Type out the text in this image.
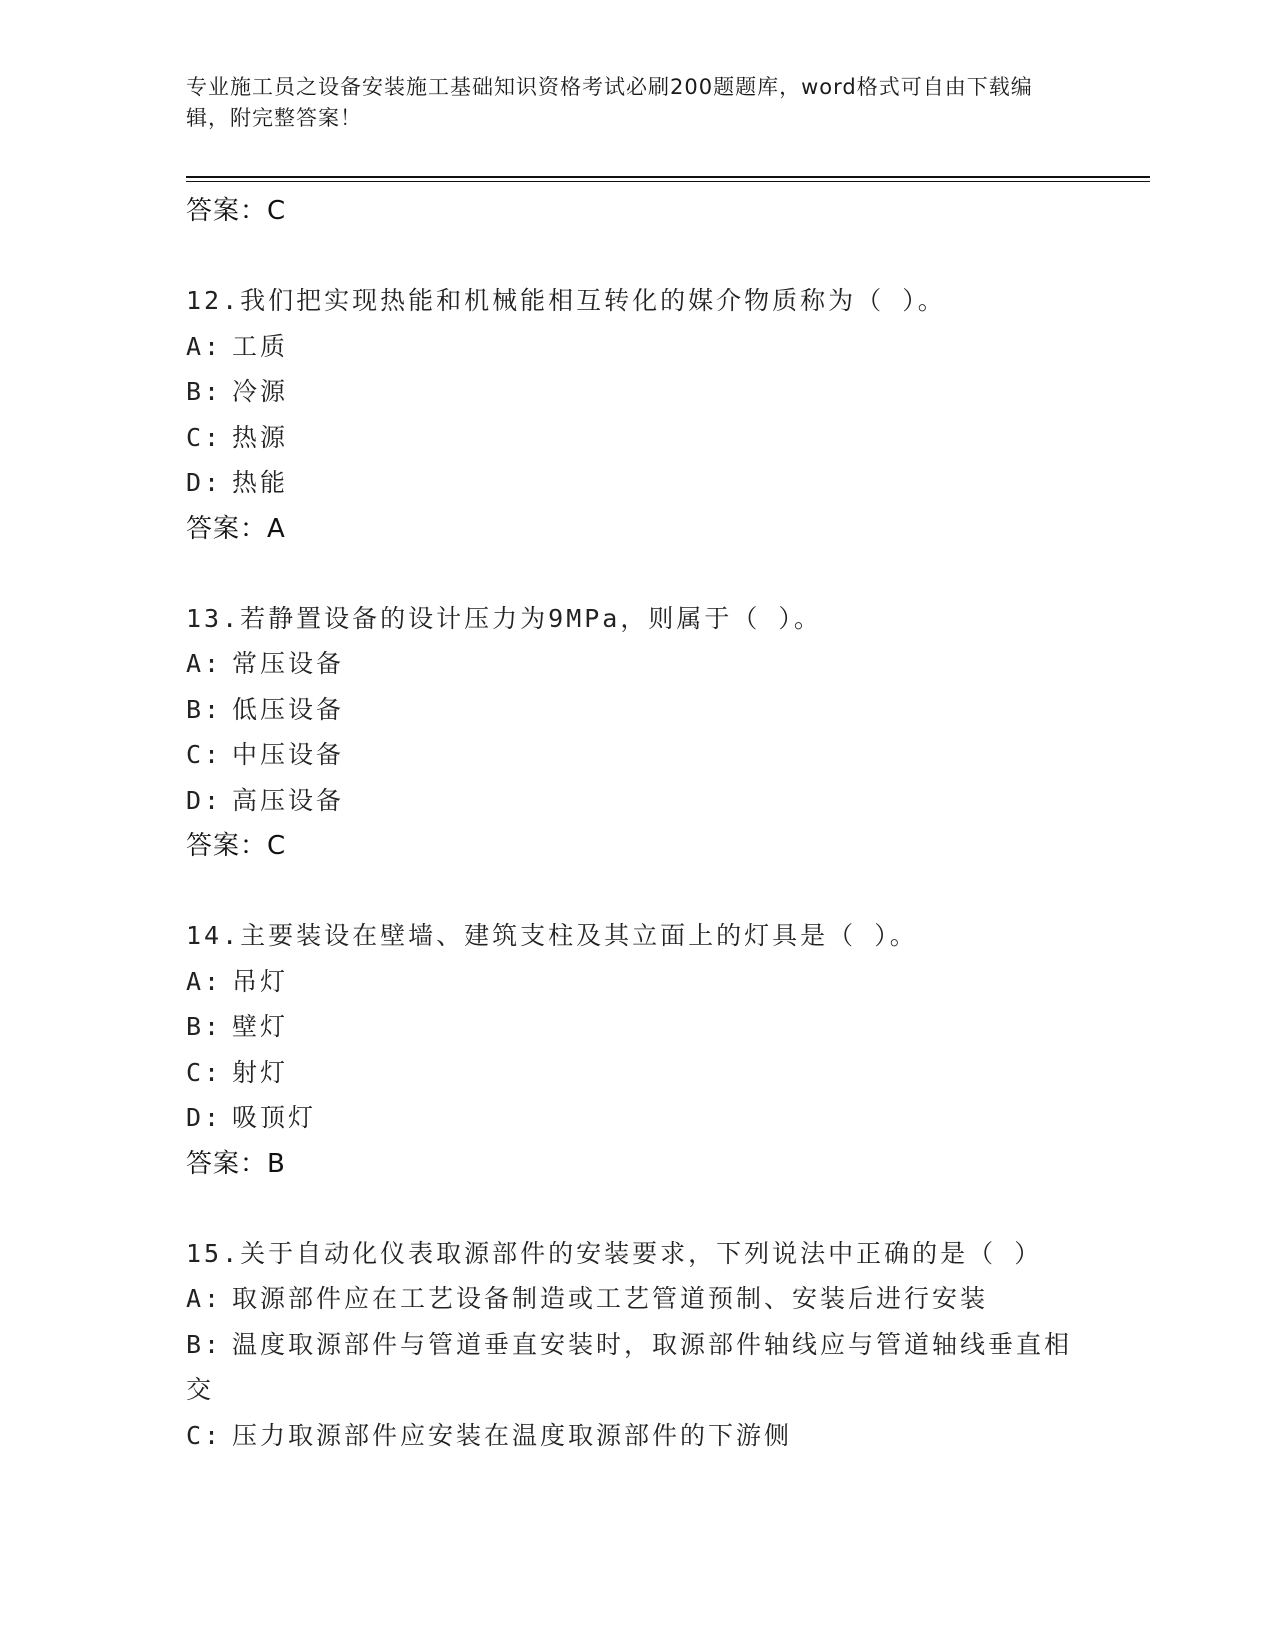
专业施工员之设备安装施工基础知识资格考试必刷200题题库，word格式可自由下载编辑，附完整答案！
答案：C
12.我们把实现热能和机械能相互转化的媒介物质称为（ ）。
A: 工质
B: 冷源
C: 热源
D: 热能
答案：A
13.若静置设备的设计压力为9MPa，则属于（ ）。
A: 常压设备
B: 低压设备
C: 中压设备
D: 高压设备
答案：C
14.主要装设在壁墙、建筑支柱及其立面上的灯具是（ ）。
A: 吊灯
B: 壁灯
C: 射灯
D: 吸顶灯
答案：B
15.关于自动化仪表取源部件的安装要求，下列说法中正确的是（ ）
A: 取源部件应在工艺设备制造或工艺管道预制、安装后进行安装
B: 温度取源部件与管道垂直安装时，取源部件轴线应与管道轴线垂直相交
C: 压力取源部件应安装在温度取源部件的下游侧
